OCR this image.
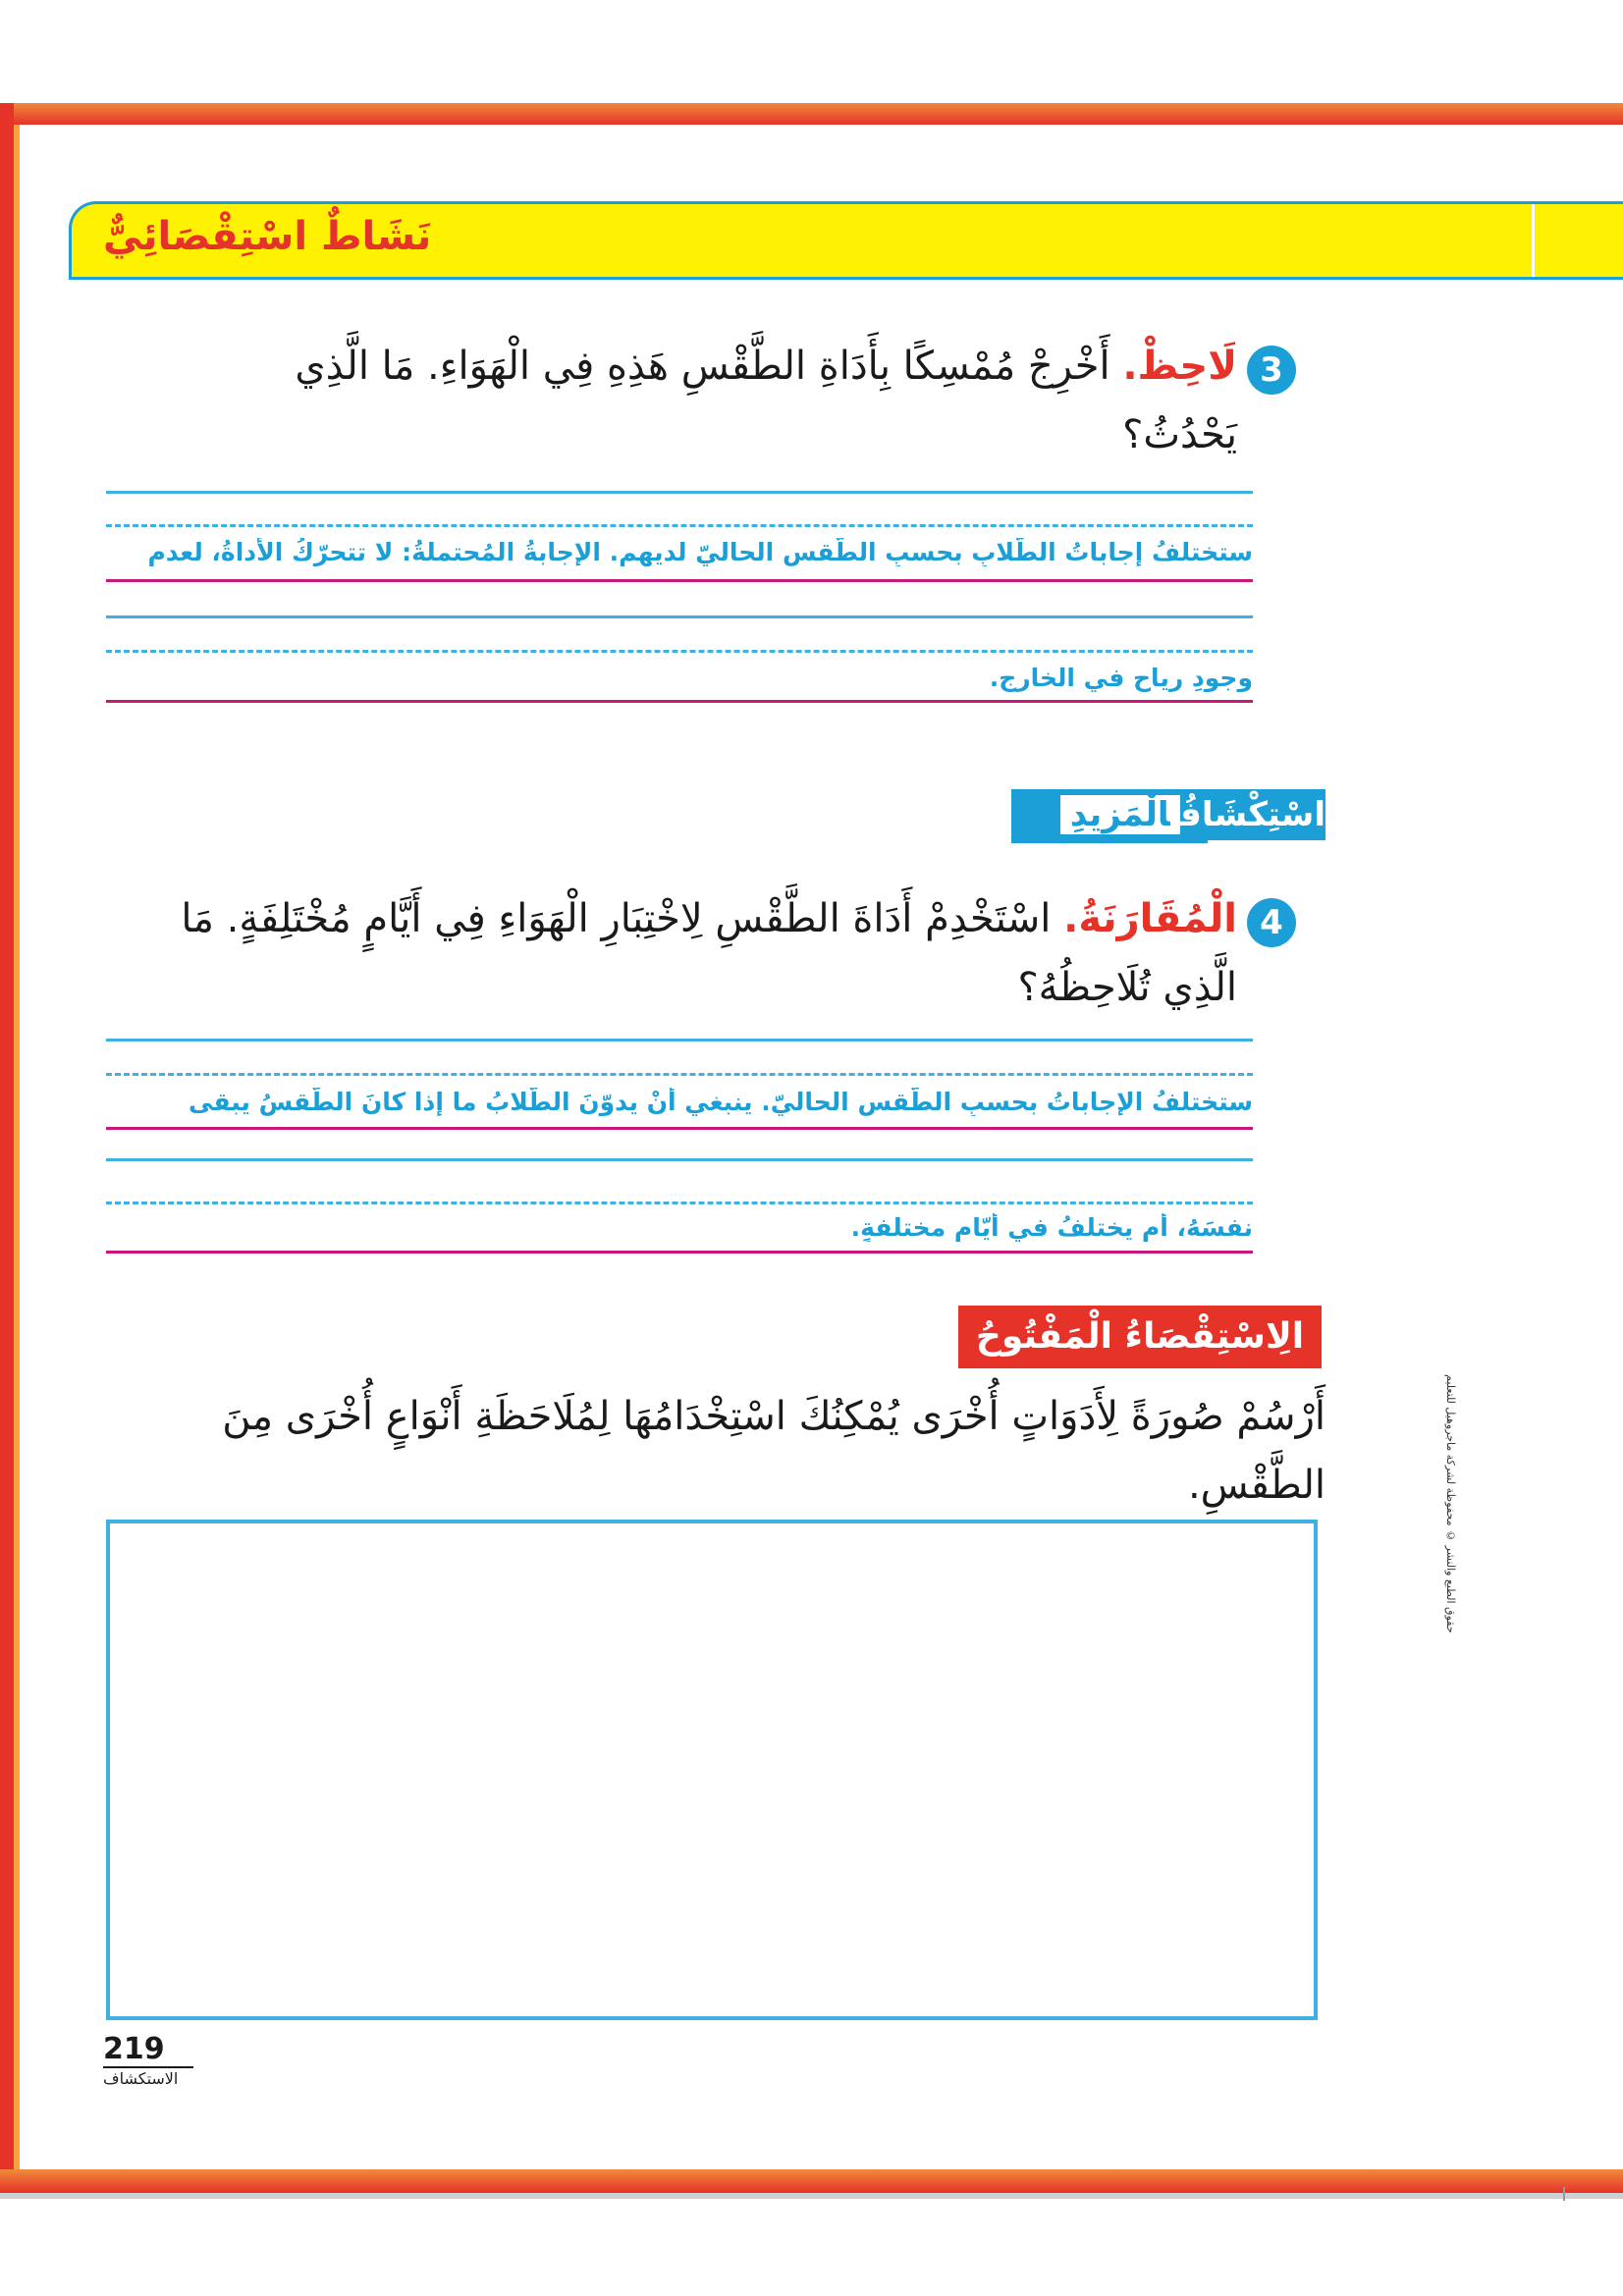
نَشَاطٌ اسْتِقْصَائِيٌّ
3
لَاحِظْ. أَخْرِجْ مُمْسِكًا بِأَدَاةِ الطَّقْسِ هَذِهِ فِي الْهَوَاءِ. مَا الَّذِي
يَحْدُثُ؟
ستختلفُ إجاباتُ الطّلابِ بحسبِ الطّقسِ الحاليّ لديهم. الإجابةُ المُحتملةُ: لا تتحرّكُ الأداةُ، لعدمِ
وجودِ رياحٍ في الخارجِ.
اسْتِكْشَافُالْمَزِيدِ
4
الْمُقَارَنَةُ. اسْتَخْدِمْ أَدَاةَ الطَّقْسِ لِاخْتِبَارِ الْهَوَاءِ فِي أَيَّامٍ مُخْتَلِفَةٍ. مَا
الَّذِي تُلَاحِظُهُ؟
ستختلفُ الإجاباتُ بحسبِ الطّقسِ الحاليّ. ينبغي أنْ يدوّنَ الطّلابُ ما إذا كانَ الطّقسُ يبقى
نفسَهُ، أم يختلفُ في أيّامٍ مختلفةٍ.
الِاسْتِقْصَاءُ الْمَفْتُوحُ
أَرْسُمْ صُورَةً لِأَدَوَاتٍ أُخْرَى يُمْكِنُكَ اسْتِخْدَامُهَا لِمُلَاحَظَةِ أَنْوَاعٍ أُخْرَى مِنَ
الطَّقْسِ.	حقوق الطبع والنشر © محفوظة لشركة ماجروهيل للتعليم
219
الاستكشاف
